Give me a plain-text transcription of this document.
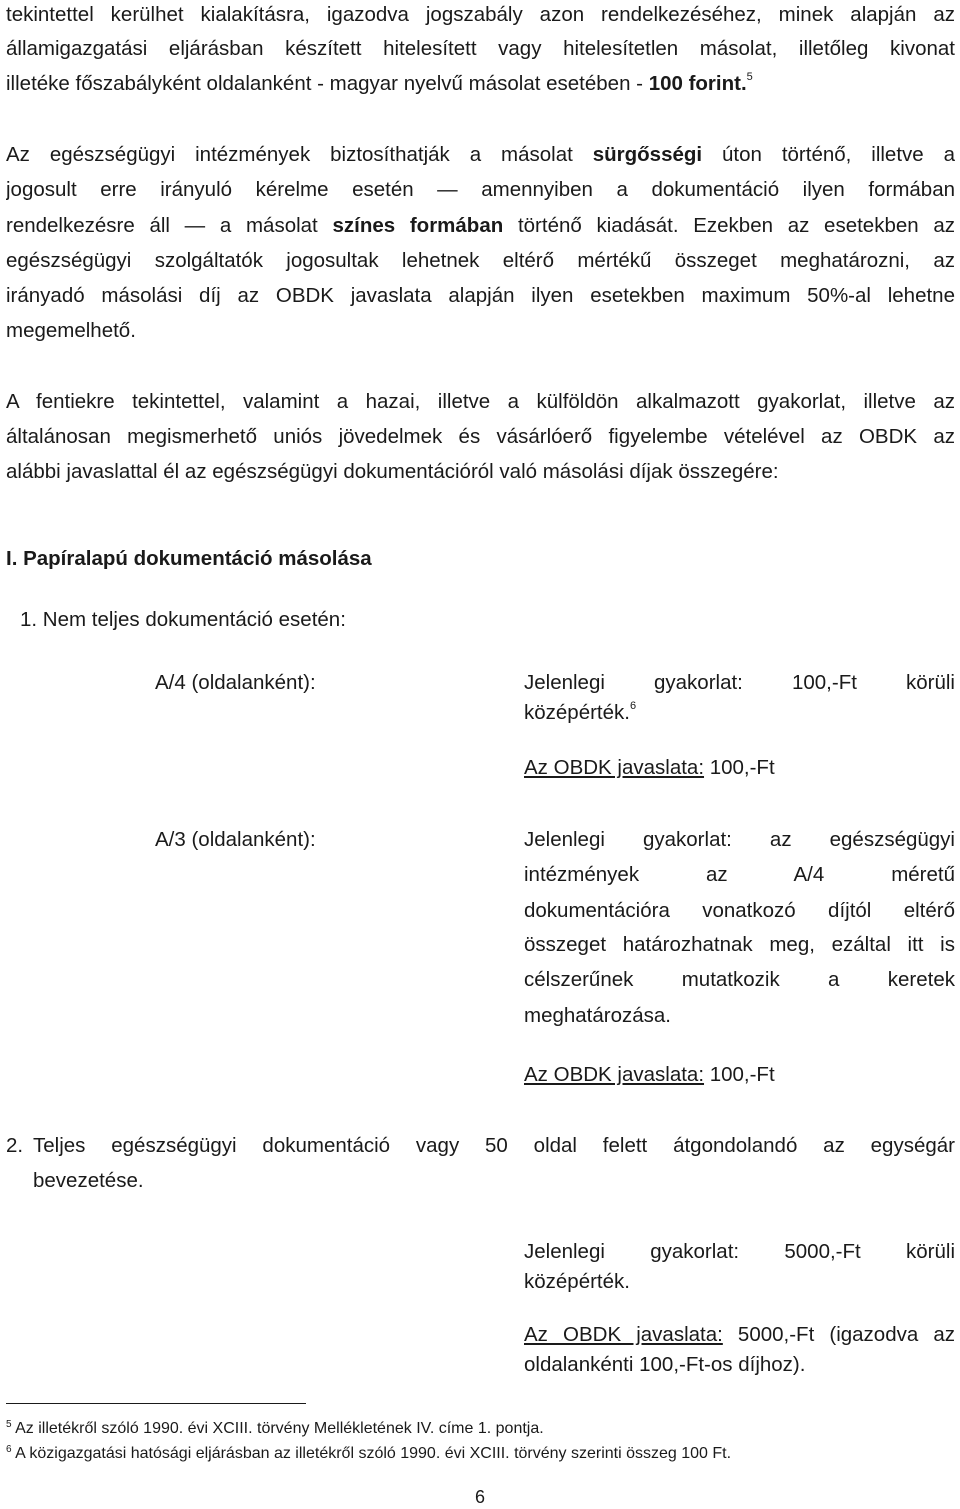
tekintettel kerülhet kialakításra, igazodva jogszabály azon rendelkezéséhez, minek alapján az
államigazgatási eljárásban készített hitelesített vagy hitelesítetlen másolat, illetőleg kivonat
illetéke főszabályként oldalanként - magyar nyelvű másolat esetében - 100 forint.$^5$
Az egészségügyi intézmények biztosíthatják a másolat sürgősségi úton történő, illetve a
jogosult erre irányuló kérelme esetén — amennyiben a dokumentáció ilyen formában
rendelkezésre áll — a másolat színes formában történő kiadását. Ezekben az esetekben az
egészségügyi szolgáltatók jogosultak lehetnek eltérő mértékű összeget meghatározni, az
irányadó másolási díj az OBDK javaslata alapján ilyen esetekben maximum 50%-al lehetne
megemelhető.
A fentiekre tekintettel, valamint a hazai, illetve a külföldön alkalmazott gyakorlat, illetve az
általánosan megismerhető uniós jövedelmek és vásárlóerő figyelembe vételével az OBDK az
alábbi javaslattal él az egészségügyi dokumentációról való másolási díjak összegére:
I. Papíralapú dokumentáció másolása
1. Nem teljes dokumentáció esetén:
A/4 (oldalanként):	Jelenlegi gyakorlat: 100,-Ft körüli
középérték.$^6$
Az OBDK javaslata: 100,-Ft
A/3 (oldalanként):	Jelenlegi gyakorlat: az egészségügyi
intézmények az A/4 méretű
dokumentációra vonatkozó díjtól eltérő
összeget határozhatnak meg, ezáltal itt is
célszerűnek mutatkozik a keretek
meghatározása.
Az OBDK javaslata: 100,-Ft
2. Teljes egészségügyi dokumentáció vagy 50 oldal felett átgondolandó az egységár
bevezetése.
Jelenlegi gyakorlat: 5000,-Ft körüli
középérték.
Az OBDK javaslata: 5000,-Ft (igazodva az
oldalankénti 100,-Ft-os díjhoz).
$^5$ Az illetékről szóló 1990. évi XCIII. törvény Mellékletének IV. címe 1. pontja.
$^6$ A közigazgatási hatósági eljárásban az illetékről szóló 1990. évi XCIII. törvény szerinti összeg 100 Ft.
6
